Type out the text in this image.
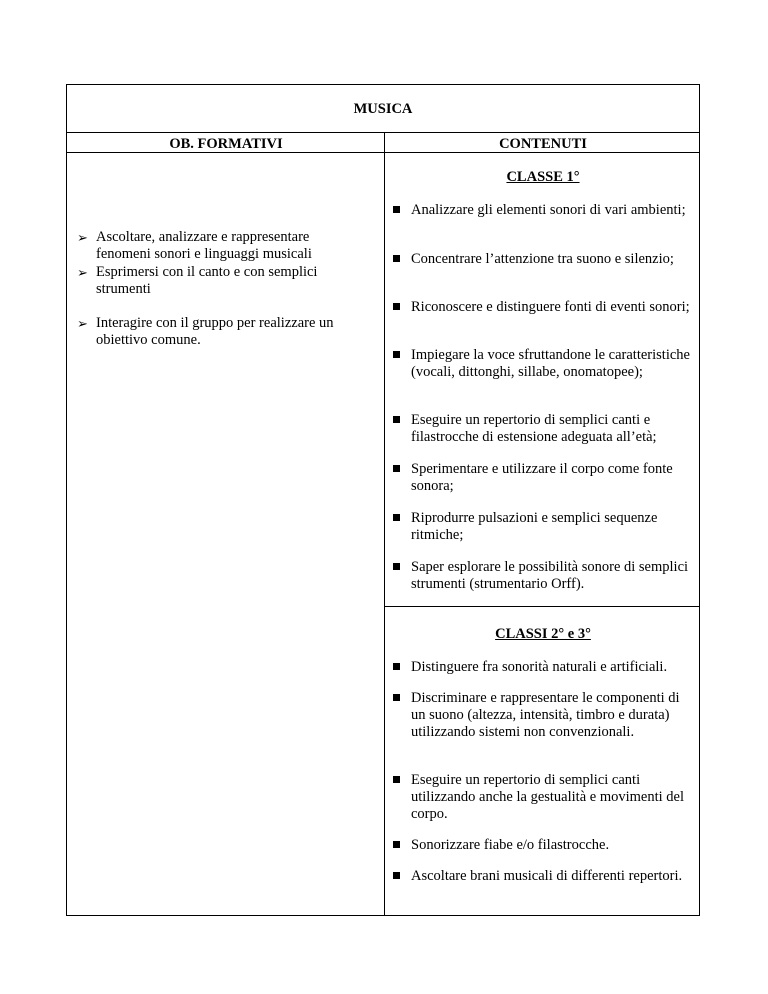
MUSICA
OB. FORMATIVI	CONTENUTI
➢ Ascoltare, analizzare e rappresentare fenomeni sonori e linguaggi musicali
➢ Esprimersi con il canto e con semplici strumenti
➢ Interagire con il gruppo per realizzare un obiettivo comune.
CLASSE 1°
Analizzare gli elementi sonori di vari ambienti;
Concentrare l’attenzione tra suono e silenzio;
Riconoscere e distinguere fonti di eventi sonori;
Impiegare la voce sfruttandone le caratteristiche (vocali, dittonghi, sillabe, onomatopee);
Eseguire un repertorio di semplici canti e filastrocche di estensione adeguata all’età;
Sperimentare e utilizzare il corpo come fonte sonora;
Riprodurre pulsazioni e semplici sequenze ritmiche;
Saper esplorare le possibilità sonore di semplici strumenti (strumentario Orff).
CLASSI 2° e 3°
Distinguere fra sonorità naturali e artificiali.
Discriminare e rappresentare le componenti di un suono (altezza, intensità, timbro e durata) utilizzando sistemi non convenzionali.
Eseguire un repertorio di semplici canti utilizzando anche la gestualità e movimenti del corpo.
Sonorizzare fiabe e/o filastrocche.
Ascoltare brani musicali di differenti repertori.
